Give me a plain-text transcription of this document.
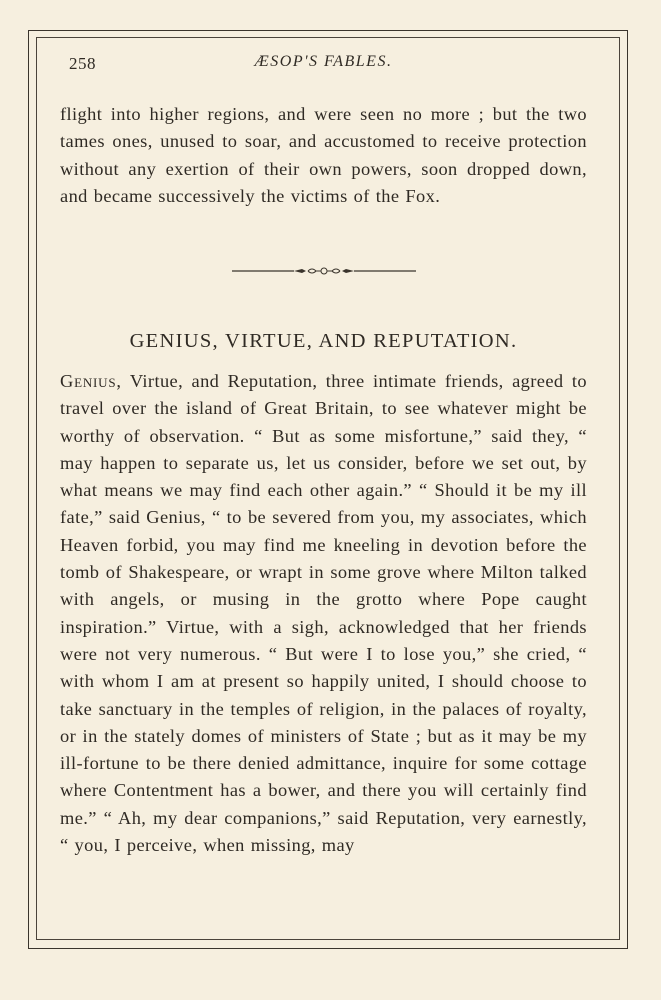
258	ÆSOP'S FABLES.
flight into higher regions, and were seen no more ; but the two tames ones, unused to soar, and accustomed to receive protection without any exertion of their own powers, soon dropped down, and became successively the victims of the Fox.
GENIUS, VIRTUE, AND REPUTATION.
Genius, Virtue, and Reputation, three intimate friends, agreed to travel over the island of Great Britain, to see whatever might be worthy of observation. “ But as some misfortune,” said they, “ may happen to separate us, let us consider, before we set out, by what means we may find each other again.” “ Should it be my ill fate,” said Genius, “ to be severed from you, my associates, which Heaven forbid, you may find me kneeling in devotion before the tomb of Shakespeare, or wrapt in some grove where Milton talked with angels, or musing in the grotto where Pope caught inspiration.” Virtue, with a sigh, acknowledged that her friends were not very numerous. “ But were I to lose you,” she cried, “ with whom I am at present so happily united, I should choose to take sanctuary in the temples of religion, in the palaces of royalty, or in the stately domes of ministers of State ; but as it may be my ill-fortune to be there denied admittance, inquire for some cottage where Contentment has a bower, and there you will certainly find me.” “ Ah, my dear companions,” said Reputation, very earnestly, “ you, I perceive, when missing, may
